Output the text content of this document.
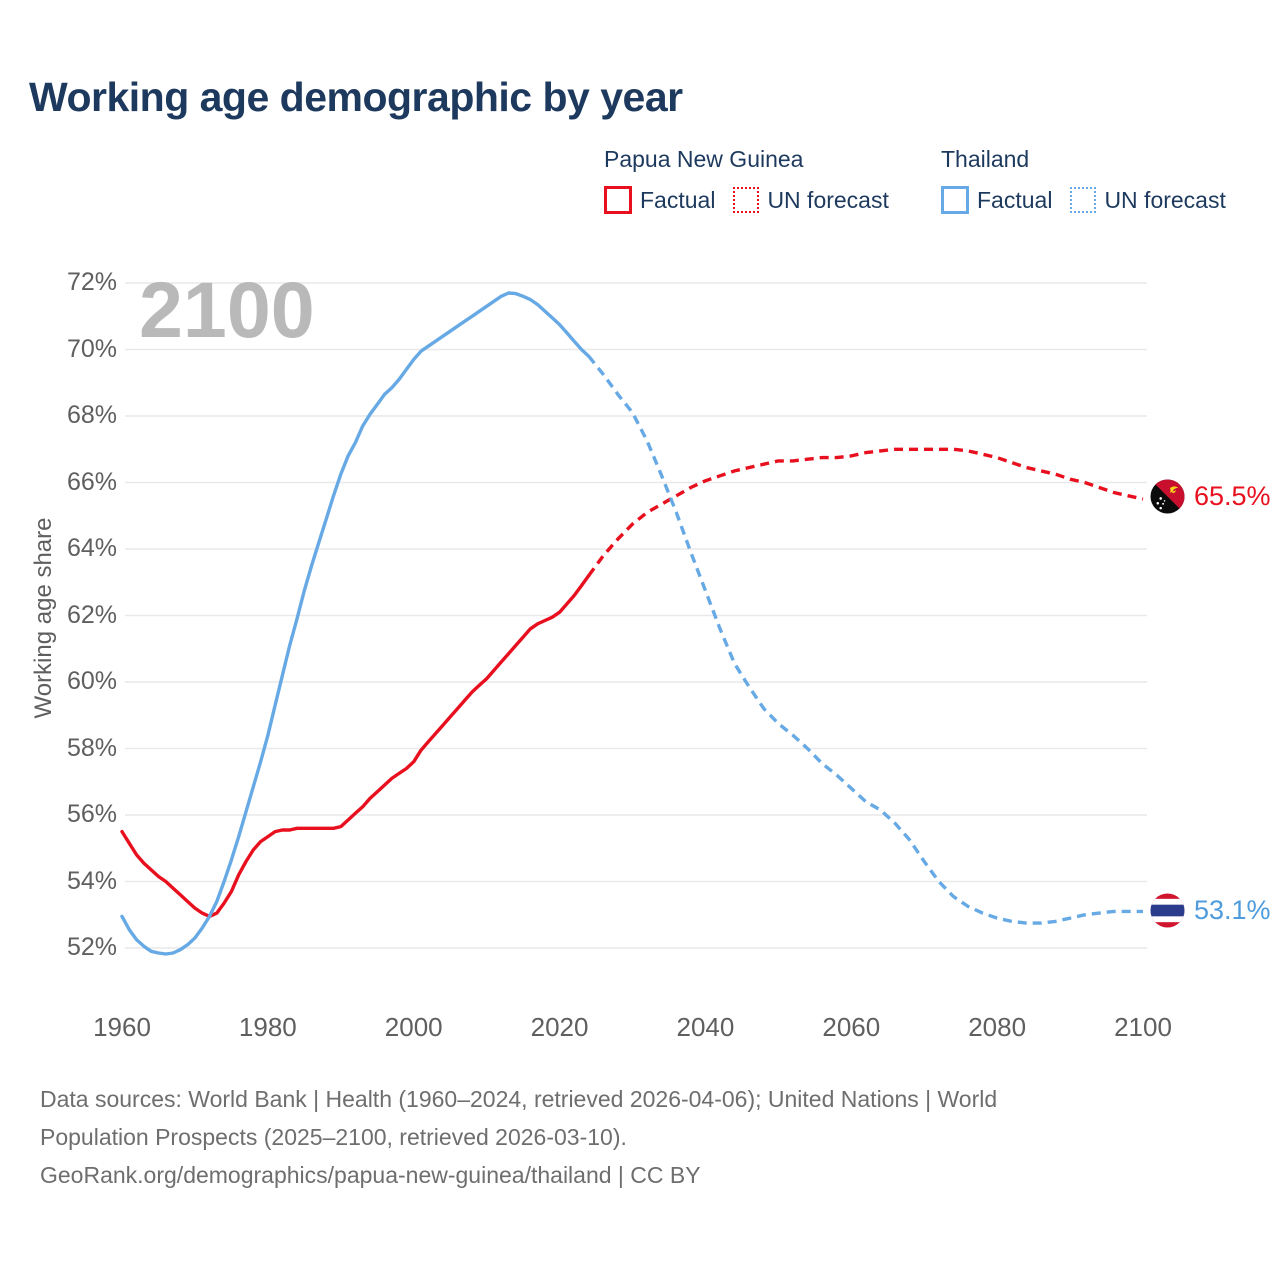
Working age demographic by year
Papua New Guinea
Factual UN forecast
Thailand
Factual UN forecast
2100
Working age share
52%
54%
56%
58%
60%
62%
64%
66%
68%
70%
72%
1960	1980	2000	2020	2040	2060	2080	2100
65.5%
53.1%

Data sources: World Bank | Health (1960–2024, retrieved 2026-04-06); United Nations | World

Population Prospects (2025–2100, retrieved 2026-03-10).

GeoRank.org/demographics/papua-new-guinea/thailand | CC BY
